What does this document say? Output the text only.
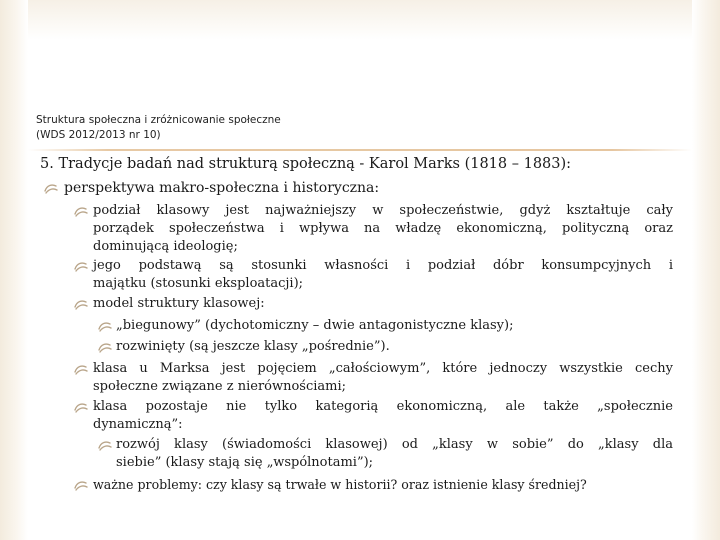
Struktura społeczna i zróżnicowanie społeczne
(WDS 2012/2013 nr 10)
5. Tradycje badań nad strukturą społeczną - Karol Marks (1818 – 1883):
perspektywa makro-społeczna i historyczna:
podział klasowy jest najważniejszy w społeczeństwie, gdyż kształtuje cały
porządek społeczeństwa i wpływa na władzę ekonomiczną, polityczną oraz
dominującą ideologię;
jego podstawą są stosunki własności i podział dóbr konsumpcyjnych i
majątku (stosunki eksploatacji);
model struktury klasowej:
„biegunowy” (dychotomiczny – dwie antagonistyczne klasy);
rozwinięty (są jeszcze klasy „pośrednie”).
klasa u Marksa jest pojęciem „całościowym”, które jednoczy wszystkie cechy
społeczne związane z nierównościami;
klasa pozostaje nie tylko kategorią ekonomiczną, ale także „społecznie
dynamiczną”:
rozwój klasy (świadomości klasowej) od „klasy w sobie” do „klasy dla
siebie” (klasy stają się „wspólnotami”);
ważne problemy: czy klasy są trwałe w historii? oraz istnienie klasy średniej?
